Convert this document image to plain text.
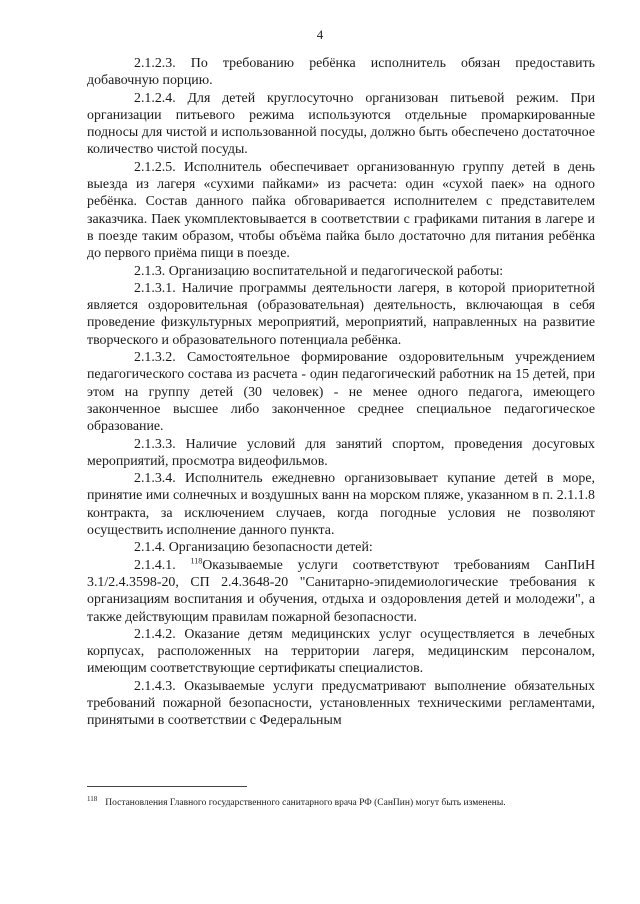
4

2.1.2.3. По требованию ребёнка исполнитель обязан предоставить добавочную порцию.

2.1.2.4. Для детей круглосуточно организован питьевой режим. При организации питьевого режима используются отдельные промаркированные подносы для чистой и использованной посуды, должно быть обеспечено достаточное количество чистой посуды.

2.1.2.5. Исполнитель обеспечивает организованную группу детей в день выезда из лагеря «сухими пайками» из расчета: один «сухой паек» на одного ребёнка. Состав данного пайка обговаривается исполнителем с представителем заказчика. Паек укомплектовывается в соответствии с графиками питания в лагере и в поезде таким образом, чтобы объёма пайка было достаточно для питания ребёнка до первого приёма пищи в поезде.

2.1.3. Организацию воспитательной и педагогической работы:

2.1.3.1. Наличие программы деятельности лагеря, в которой приоритетной является оздоровительная (образовательная) деятельность, включающая в себя проведение физкультурных мероприятий, мероприятий, направленных на развитие творческого и образовательного потенциала ребёнка.

2.1.3.2. Самостоятельное формирование оздоровительным учреждением педагогического состава из расчета - один педагогический работник на 15 детей, при этом на группу детей (30 человек) - не менее одного педагога, имеющего законченное высшее либо законченное среднее специальное педагогическое образование.

2.1.3.3. Наличие условий для занятий спортом, проведения досуговых мероприятий, просмотра видеофильмов.

2.1.3.4. Исполнитель ежедневно организовывает купание детей в море, принятие ими солнечных и воздушных ванн на морском пляже, указанном в п. 2.1.1.8 контракта, за исключением случаев, когда погодные условия не позволяют осуществить исполнение данного пункта.

2.1.4. Организацию безопасности детей:

2.1.4.1. $^{118}$Оказываемые услуги соответствуют требованиям СанПиН 3.1/2.4.3598-20, СП 2.4.3648-20 "Санитарно-эпидемиологические требования к организациям воспитания и обучения, отдыха и оздоровления детей и молодежи", а также действующим правилам пожарной безопасности.

2.1.4.2. Оказание детям медицинских услуг осуществляется в лечебных корпусах, расположенных на территории лагеря, медицинским персоналом, имеющим соответствующие сертификаты специалистов.

2.1.4.3. Оказываемые услуги предусматривают выполнение обязательных требований пожарной безопасности, установленных техническими регламентами, принятыми в соответствии с Федеральным

$^{118}$ Постановления Главного государственного санитарного врача РФ (СанПин) могут быть изменены.
